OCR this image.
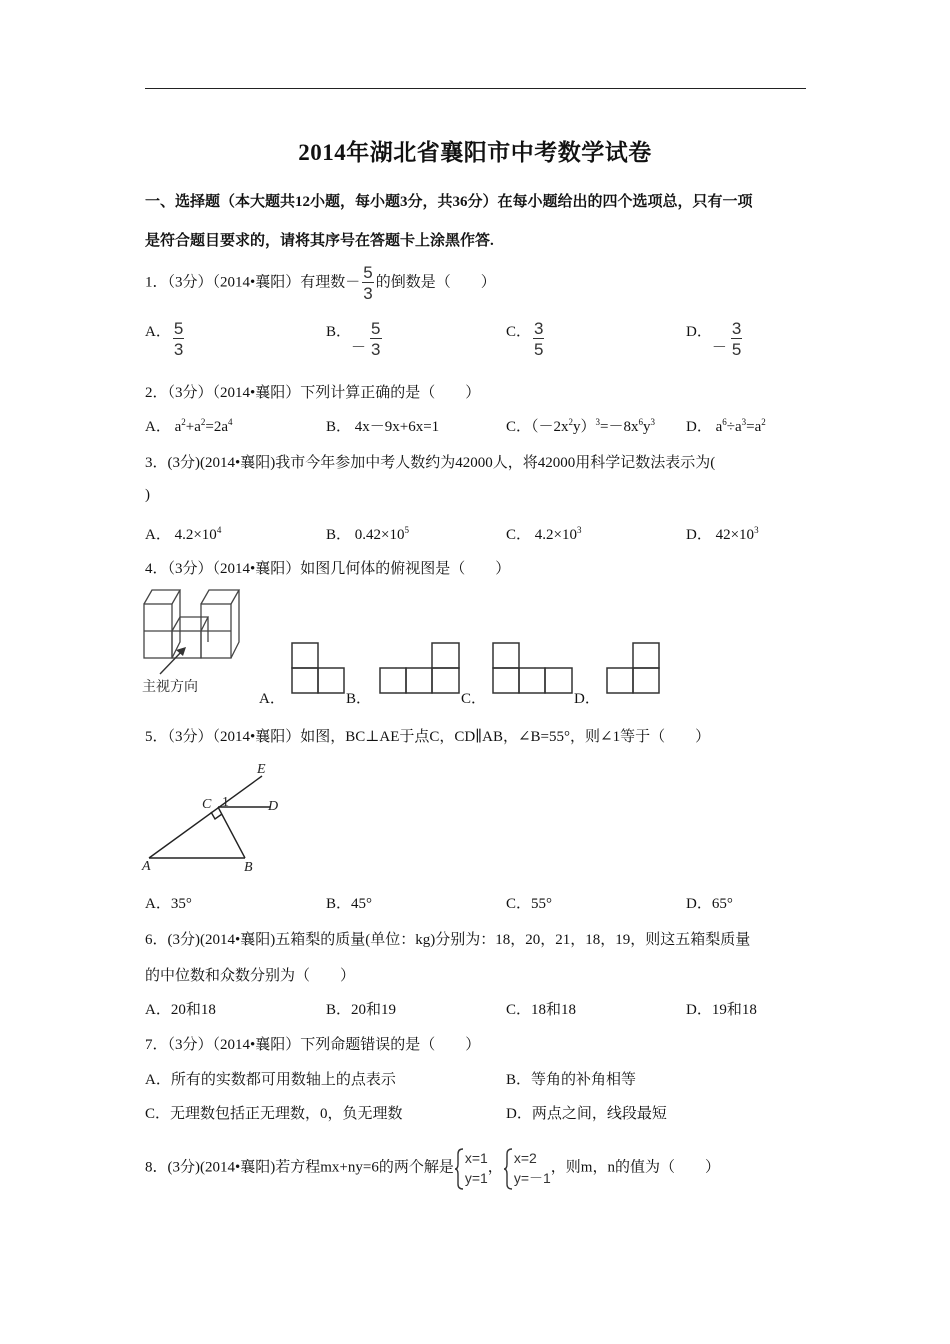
2014年湖北省襄阳市中考数学试卷
一、选择题（本大题共12小题，每小题3分，共36分）在每小题给出的四个选项总，只有一项
是符合题目要求的，请将其序号在答题卡上涂黑作答.
1．（3分）（2014•襄阳）有理数－ $\frac{5}{3}$ 的倒数是（　　）
A． $\frac{5}{3}$	B．－ $\frac{5}{3}$	C． $\frac{3}{5}$	D．－ $\frac{3}{5}$
2．（3分）（2014•襄阳）下列计算正确的是（　　）
A． $a^2+a^2=2a^4$	B． 4x－9x+6x=1	C．$(-2x^2y)^3=-8x^6y^3$ D． $a^6\div a^3=a^2$
3．(3分)(2014•襄阳)我市今年参加中考人数约为42000人，将42000用科学记数法表示为(
)
A． $4.2\times 10^4$	B． $0.42\times 10^5$	C． $4.2\times 10^3$	D． $42\times 10^3$
4．（3分）（2014•襄阳）如图几何体的俯视图是（　　）
主视方向
A．	B．	C．	D．
5．（3分）（2014•襄阳）如图，BC⊥AE于点C，CD∥AB，∠B=55°，则∠1等于（　　）
E
C 1	D
A	B
A．35°	B．45°	C．55°	D．65°
6．(3分)(2014•襄阳)五箱梨的质量(单位：kg)分别为：18，20，21，18，19，则这五箱梨质量
的中位数和众数分别为（　　）
A．20和18	B．20和19	C．18和18	D．19和18
7．（3分）（2014•襄阳）下列命题错误的是（　　）
A．所有的实数都可用数轴上的点表示	B．等角的补角相等
C．无理数包括正无理数，0，负无理数	D．两点之间，线段最短
8．(3分)(2014•襄阳)若方程mx+ny=6的两个解是
x=1
y=1
，
x=2
y=－1
，则m，n的值为（　　）
